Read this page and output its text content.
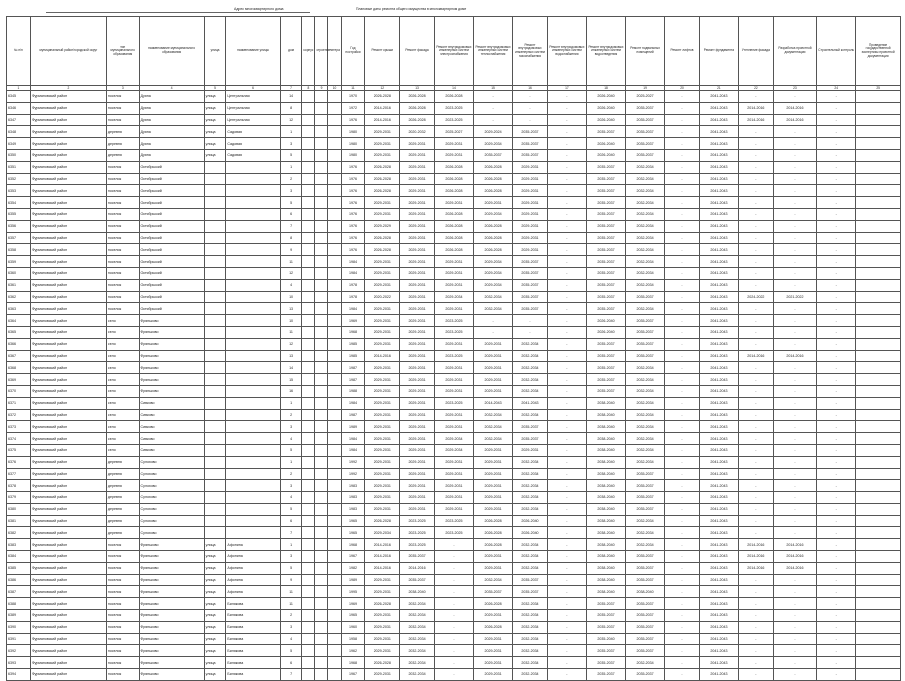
Адрес многоквартирного дома	Плановые даты ремонта общего имущества в многоквартирном доме
№ п/п	муниципальный район/городской округ	тип муниципального образования	наименование муниципального образования	улица	наименование улицы	дом	корпус	строение	литера	Год постройки	Ремонт крыши	Ремонт фасада	Ремонт внутридомовых инженерных систем электроснабжения	Ремонт внутридомовых инженерных систем теплоснабжения	Ремонт внутридомовых инженерных систем газоснабжения	Ремонт внутридомовых инженерных систем водоснабжения	Ремонт внутридомовых инженерных систем водоотведения	Ремонт подвальных помещений	Ремонт лифтов	Ремонт фундамента	Утепление фасада	Разработка проектной документации	Строительный контроль	Проведение государственной экспертизы проектной документации
1	2	3	4	5	6	7	8	9	10	11	12	13	14	15	16	17	18	19	20	21	22	23	24	25
6345	Фурмановский район	поселок	Дуяна	улица	Центральная	14				1970	2026-2028	2026-2028	2026-2028	-	-	-	2026-2040	2025-2027	-	2041-2043	-	-	-	
6346	Фурмановский район	поселок	Дуяна	улица	Центральная	8				1972	2014-2016	2026-2028	2023-2025	-	-	-	2026-2040	2035-2037	-	2041-2043	2014-2016	2014-2016	-	
6347	Фурмановский район	поселок	Дуяна	улица	Центральная	12				1976	2014-2016	2026-2028	2023-2025	-	-	-	2026-2040	2035-2037	-	2041-2043	2014-2016	2014-2016	-	
6348	Фурмановский район	деревня	Дуяна	улица	Садовая	1				1980	2029-2031	2020-2032	2025-2027	2029-2024	2035-2037	-	2035-2037	2035-2037	-	2041-2043	-	-	-	
6349	Фурмановский район	деревня	Дуяна	улица	Садовая	3				1980	2029-2031	2029-2031	2029-2031	2029-2034	2035-2037	-	2026-2040	2035-2037	-	2041-2043	-	-	-	
6350	Фурмановский район	деревня	Дуяна	улица	Садовая	5				1980	2029-2031	2029-2031	2029-2031	2035-2037	2035-2037	-	2026-2040	2035-2037	-	2041-2043	-	-	-	
6351	Фурмановский район	поселок	Октябрьский			1				1976	2026-2028	2029-2031	2026-2028	2026-2028	2029-2031	-	2035-2037	2032-2034	-	2041-2043	-	-	-	
6352	Фурмановский район	поселок	Октябрьский			2				1976	2026-2028	2029-2031	2026-2028	2026-2028	2029-2031	-	2035-2037	2032-2034	-	2041-2043	-	-	-	
6353	Фурмановский район	поселок	Октябрьский			3				1976	2026-2028	2029-2031	2026-2028	2026-2028	2029-2031	-	2035-2037	2032-2034	-	2041-2043	-	-	-	
6354	Фурмановский район	поселок	Октябрьский			5				1976	2029-2031	2029-2031	2029-2031	2029-2031	2029-2031	-	2035-2037	2032-2034	-	2041-2043	-	-	-	
6355	Фурмановский район	поселок	Октябрьский			6				1976	2029-2031	2029-2031	2026-2028	2029-2034	2029-2031	-	2035-2037	2032-2034	-	2041-2043	-	-	-	
6356	Фурмановский район	поселок	Октябрьский			7				1976	2029-2029	2029-2031	2026-2028	2026-2028	2029-2031	-	2035-2037	2032-2034	-	2041-2043	-	-	-	
6357	Фурмановский район	поселок	Октябрьский			8				1976	2026-2028	2029-2031	2026-2028	2026-2028	2029-2031	-	2035-2037	2032-2034	-	2041-2043	-	-	-	
6358	Фурмановский район	поселок	Октябрьский			9				1976	2026-2028	2029-2031	2026-2028	2026-2028	2029-2031	-	2035-2037	2032-2034	-	2041-2043	-	-	-	
6359	Фурмановский район	поселок	Октябрьский			11				1984	2029-2031	2029-2031	2029-2031	2029-2034	2035-2037	-	2035-2037	2032-2034	-	2041-2043	-	-	-	
6360	Фурмановский район	поселок	Октябрьский			12				1984	2029-2031	2029-2031	2029-2031	2029-2034	2035-2037	-	2035-2037	2032-2034	-	2041-2043	-	-	-	
6361	Фурмановский район	поселок	Октябрьский			4				1978	2029-2031	2029-2031	2029-2031	2029-2034	2035-2037	-	2035-2037	2032-2034	-	2041-2043	-	-	-	
6362	Фурмановский район	поселок	Октябрьский			10				1978	2020-2022	2029-2031	2029-2034	2032-2034	2035-2037	-	2035-2037	2035-2037	-	2041-2043	2024-2022	2021-2022	-	
6363	Фурмановский район	поселок	Октябрьский			13				1984	2029-2031	2029-2031	2029-2031	2032-2034	2035-2037	-	2035-2037	2032-2034	-	2041-2043	-	-	-	
6364	Фурмановский район	село	Фряньково			10				1969	2029-2031	2029-2031	2023-2025	-	-	-	2026-2040	2035-2037	-	2041-2043	-	-	-	
6365	Фурмановский район	село	Фряньково			11				1968	2029-2031	2029-2031	2023-2025	-	-	-	2026-2040	2035-2037	-	2041-2043	-	-	-	
6366	Фурмановский район	село	Фряньково			12				1985	2029-2031	2029-2031	2029-2031	2029-2031	2032-2034	-	2035-2037	2035-2037	-	2041-2043	-	-	-	
6367	Фурмановский район	село	Фряньково			13				1985	2014-2016	2029-2031	2023-2025	2029-2031	2032-2034	-	2035-2037	2035-2037	-	2041-2043	2014-2016	2014-2016	-	
6368	Фурмановский район	село	Фряньково			14				1987	2029-2031	2029-2031	2029-2031	2029-2031	2032-2034	-	2035-2037	2032-2034	-	2041-2043	-	-	-	
6369	Фурмановский район	село	Фряньково			15				1987	2029-2031	2029-2031	2029-2031	2029-2031	2032-2034	-	2035-2037	2032-2034	-	2041-2043	-	-	-	
6370	Фурмановский район	село	Фряньково			16				1988	2029-2031	2029-2031	2029-2031	2029-2031	2032-2034	-	2035-2037	2032-2034	-	2041-2043	-	-	-	
6371	Фурмановский район	село	Сивково			1				1984	2029-2031	2029-2031	2023-2025	2014-2043	2041-2043	-	2038-2040	2032-2034	-	2041-2043	-	-	-	
6372	Фурмановский район	село	Сивково			2				1987	2029-2031	2029-2031	2029-2031	2032-2034	2032-2034	-	2038-2040	2032-2034	-	2041-2043	-	-	-	
6373	Фурмановский район	село	Сивково			3				1989	2029-2031	2029-2031	2029-2031	2032-2034	2035-2037	-	2038-2040	2032-2034	-	2041-2043	-	-	-	
6374	Фурмановский район	село	Сивково			4				1984	2029-2031	2029-2031	2029-2034	2032-2034	2035-2037	-	2038-2040	2032-2034	-	2041-2043	-	-	-	
6375	Фурмановский район	село	Сивково			5				1984	2029-2031	2029-2031	2029-2034	2029-2031	2029-2031	-	2038-2040	2032-2034	-	2041-2043	-	-	-	
6376	Фурмановский район	деревня	Сулохово			1				1992	2029-2031	2029-2031	2029-2031	2029-2031	2032-2034	-	2038-2040	2032-2034	-	2041-2043	-	-	-	
6377	Фурмановский район	деревня	Сулохово			2				1992	2029-2031	2029-2031	2029-2031	2029-2031	2032-2034	-	2038-2040	2035-2037	-	2041-2043	-	-	-	
6378	Фурмановский район	деревня	Сулохово			3				1983	2029-2031	2029-2031	2029-2031	2029-2031	2032-2034	-	2038-2040	2035-2037	-	2041-2043	-	-	-	
6379	Фурмановский район	деревня	Сулохово			4				1983	2029-2031	2029-2031	2029-2031	2029-2031	2032-2034	-	2038-2040	2035-2037	-	2041-2043	-	-	-	
6380	Фурмановский район	деревня	Сулохово			5				1983	2029-2031	2029-2031	2029-2031	2029-2031	2032-2034	-	2038-2040	2035-2037	-	2041-2043	-	-	-	
6381	Фурмановский район	деревня	Сулохово			6				1965	2026-2028	2023-2025	2023-2025	2026-2028	2026-2040	-	2038-2040	2032-2034	-	2041-2043	-	-	-	
6382	Фурмановский район	деревня	Сулохово			7				1965	2029-2034	2023-2025	2023-2025	2026-2028	2026-2040	-	2038-2040	2032-2034	-	2041-2043	-	-	-	
6383	Фурмановский район	поселок	Фряньково	улица	Афонина	1				1968	2014-2016	2023-2025	-	2026-2028	2032-2034	-	2038-2040	2032-2034	-	2041-2043	2014-2016	2014-2016	-	
6384	Фурмановский район	поселок	Фряньково	улица	Афонина	3				1967	2014-2016	2035-2037	-	2029-2031	2032-2034	-	2038-2040	2035-2037	-	2041-2043	2014-2016	2014-2016	-	
6385	Фурмановский район	поселок	Фряньково	улица	Афонина	5				1982	2014-2016	2014-2016	-	2029-2031	2032-2034	-	2038-2040	2035-2037	-	2041-2043	2014-2016	2014-2016	-	
6386	Фурмановский район	поселок	Фряньково	улица	Афонина	9				1989	2029-2031	2035-2037	-	2032-2034	2035-2037	-	2038-2040	2035-2037	-	2041-2043	-	-	-	
6387	Фурмановский район	поселок	Фряньково	улица	Афонина	11				1995	2029-2031	2038-2040	-	2035-2037	2035-2037	-	2038-2040	2038-2040	-	2041-2043	-	-	-	
6388	Фурмановский район	поселок	Фряньково	улица	Билякова	11				1969	2026-2028	2032-2034	-	2026-2028	2032-2034	-	2035-2037	2035-2037	-	2041-2043	-	-	-	
6389	Фурмановский район	поселок	Фряньково	улица	Билякова	2				1965	2029-2031	2032-2034	-	2029-2031	2032-2034	-	2035-2037	2035-2037	-	2041-2043	-	-	-	
6390	Фурмановский район	поселок	Фряньково	улица	Билякова	3				1960	2029-2031	2032-2034	-	2026-2028	2032-2034	-	2035-2037	2035-2037	-	2041-2043	-	-	-	
6391	Фурмановский район	поселок	Фряньково	улица	Билякова	4				1958	2029-2031	2032-2034	-	2029-2031	2032-2034	-	2035-2040	2035-2037	-	2041-2043	-	-	-	
6392	Фурмановский район	поселок	Фряньково	улица	Билякова	5				1962	2029-2031	2032-2034	-	2029-2031	2032-2034	-	2035-2037	2035-2037	-	2041-2043	-	-	-	
6393	Фурмановский район	поселок	Фряньково	улица	Билякова	6				1968	2026-2028	2032-2034	-	2029-2031	2032-2034	-	2035-2037	2032-2034	-	2041-2043	-	-	-	
6394	Фурмановский район	поселок	Фряньково	улица	Билякова	7				1967	2029-2031	2032-2034	-	2029-2031	2032-2034	-	2035-2037	2035-2037	-	2041-2043	-	-	-	
